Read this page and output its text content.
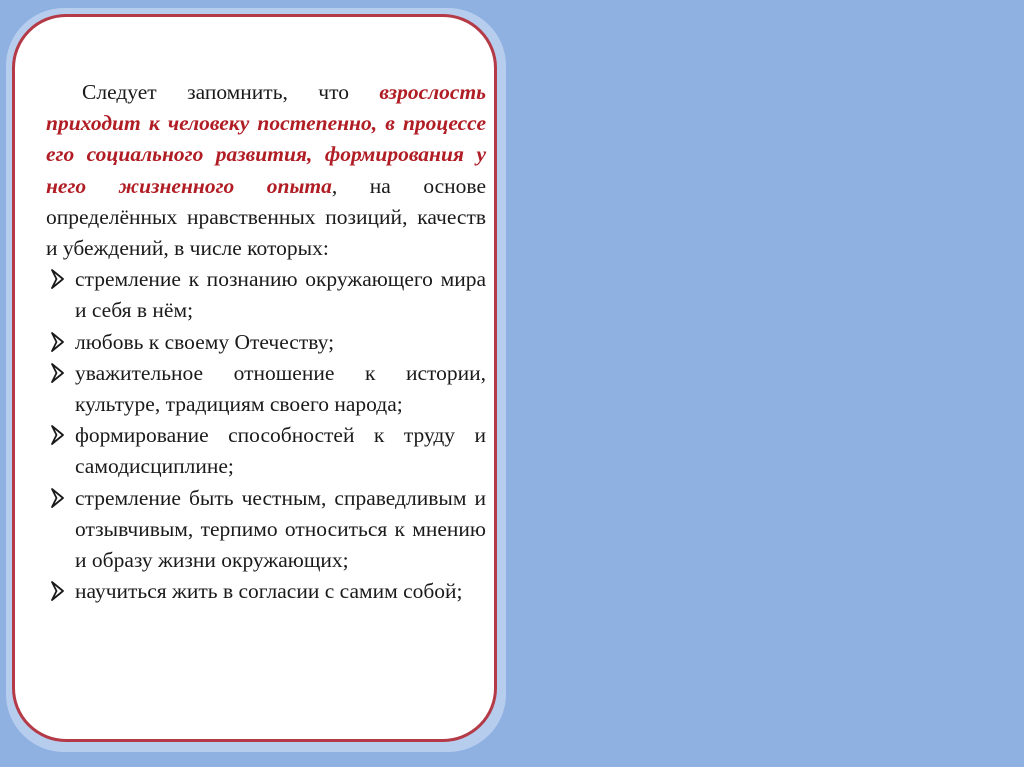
Следует запомнить, что взрослость приходит к человеку постепенно, в процессе его социального развития, формирования у него жизненного опыта, на основе определённых нравственных позиций, качеств и убеждений, в числе которых:

стремление к познанию окружающего мира и себя в нём;
любовь к своему Отечеству;
уважительное отношение к истории, культуре, традициям своего народа;
формирование способностей к труду и самодисциплине;
стремление быть честным, справедливым и отзывчивым, терпимо относиться к мнению и образу жизни окружающих;
научиться жить в согласии с самим собой;
